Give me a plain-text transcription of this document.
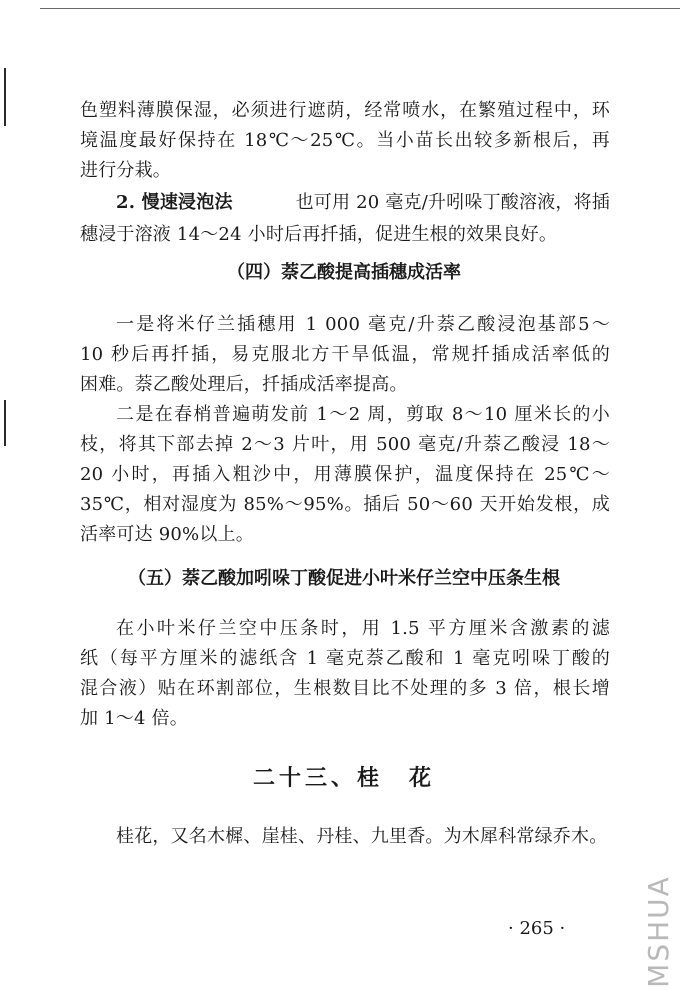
色塑料薄膜保湿，必须进行遮荫，经常喷水，在繁殖过程中，环
境温度最好保持在 18℃～25℃。当小苗长出较多新根后，再
进行分栽。
2. 慢速浸泡法	也可用 20 毫克/升吲哚丁酸溶液，将插
穗浸于溶液 14～24 小时后再扦插，促进生根的效果良好。
（四）萘乙酸提高插穗成活率
一是将米仔兰插穗用 1 000 毫克/升萘乙酸浸泡基部5～
10 秒后再扦插，易克服北方干旱低温，常规扦插成活率低的
困难。萘乙酸处理后，扦插成活率提高。
二是在春梢普遍萌发前 1～2 周，剪取 8～10 厘米长的小
枝，将其下部去掉 2～3 片叶，用 500 毫克/升萘乙酸浸 18～
20 小时，再插入粗沙中，用薄膜保护，温度保持在 25℃～
35℃，相对湿度为 85%～95%。插后 50～60 天开始发根，成
活率可达 90%以上。
（五）萘乙酸加吲哚丁酸促进小叶米仔兰空中压条生根
在小叶米仔兰空中压条时，用 1.5 平方厘米含激素的滤
纸（每平方厘米的滤纸含 1 毫克萘乙酸和 1 毫克吲哚丁酸的
混合液）贴在环割部位，生根数目比不处理的多 3 倍，根长增
加 1～4 倍。
二十三、桂　花
桂花，又名木樨、崖桂、丹桂、九里香。为木犀科常绿乔木。
· 265 ·	MSHUA
